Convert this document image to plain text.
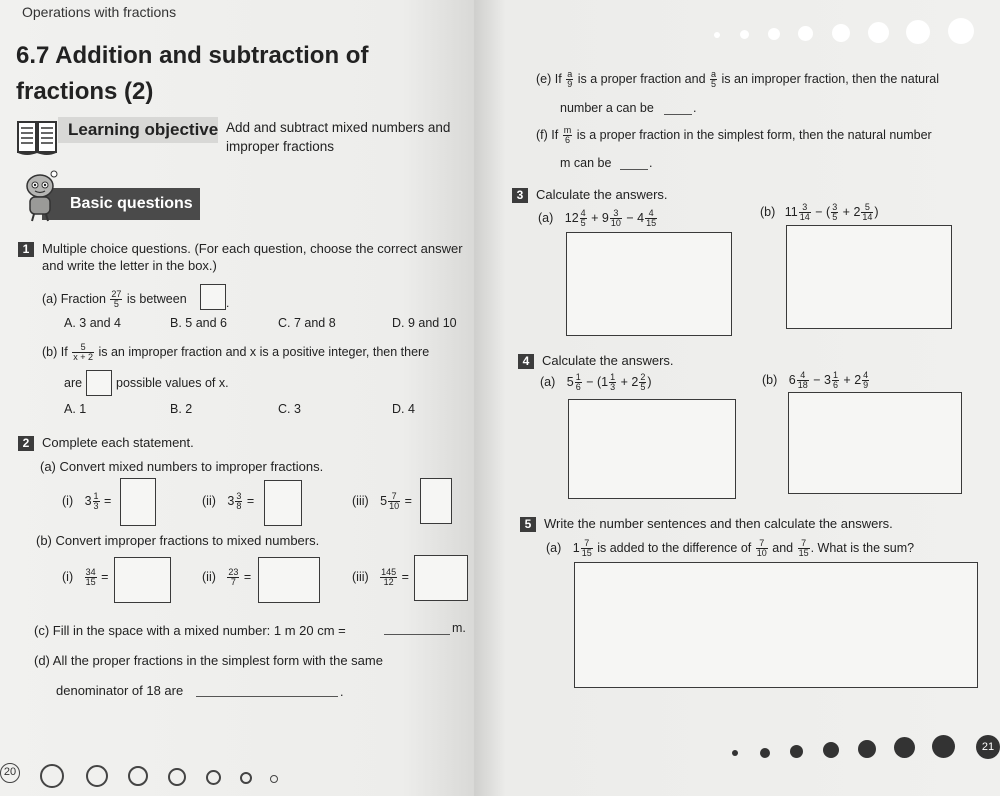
Operations with fractions
6.7 Addition and subtraction of
fractions (2)
Learning objective Add and subtract mixed numbers and
improper fractions
Basic questions
1 Multiple choice questions. (For each question, choose the correct answer
and write the letter in the box.)
(a) Fraction $\frac{27}{5}$ is between	.
A. 3 and 4	B. 5 and 6	C. 7 and 8	D. 9 and 10
(b) If $\frac{5}{x + 2}$ is an improper fraction and x is a positive integer, then there
are	possible values of x.
A. 1	B. 2	C. 3	D. 4
2 Complete each statement.
(a) Convert mixed numbers to improper fractions.
(i) $3 \frac{1}{3}$ =	(ii) $3 \frac{3}{8}$ =	(iii) $5 \frac{7}{10}$ =
(b) Convert improper fractions to mixed numbers.
$(i) \frac{34}{15}$ =	$(ii) \frac{23}{7}$ =	$(iii) \frac{145}{12}$ =
(c) Fill in the space with a mixed number: 1 m 20 cm =	m.
(d) All the proper fractions in the simplest form with the same
denominator of 18 are	.
20
(e) If $\frac{a}{9}$ is a proper fraction and $\frac{a}{5}$ is an improper fraction, then the natural
number a can be	.
(f) If $\frac{m}{6}$ is a proper fraction in the simplest form, then the natural number
m can be	.
3 Calculate the answers.
(a) $12 \frac{4}{5} + 9 \frac{3}{10} - 4 \frac{4}{15}$	(b) $11 \frac{3}{14}$ − ( $\frac{3}{5} + 2 \frac{5}{14}$ )
4 Calculate the answers.
(a) $5 \frac{1}{6} - (1 \frac{1}{3} + 2 \frac{2}{5}$ )	(b) $6 \frac{4}{18} - 3 \frac{1}{6} + 2 \frac{4}{9}$
5 Write the number sentences and then calculate the answers.
(a) $1 \frac{7}{15}$ is added to the difference of $\frac{7}{10}$ and $\frac{7}{15}$ . What is the sum?
21
